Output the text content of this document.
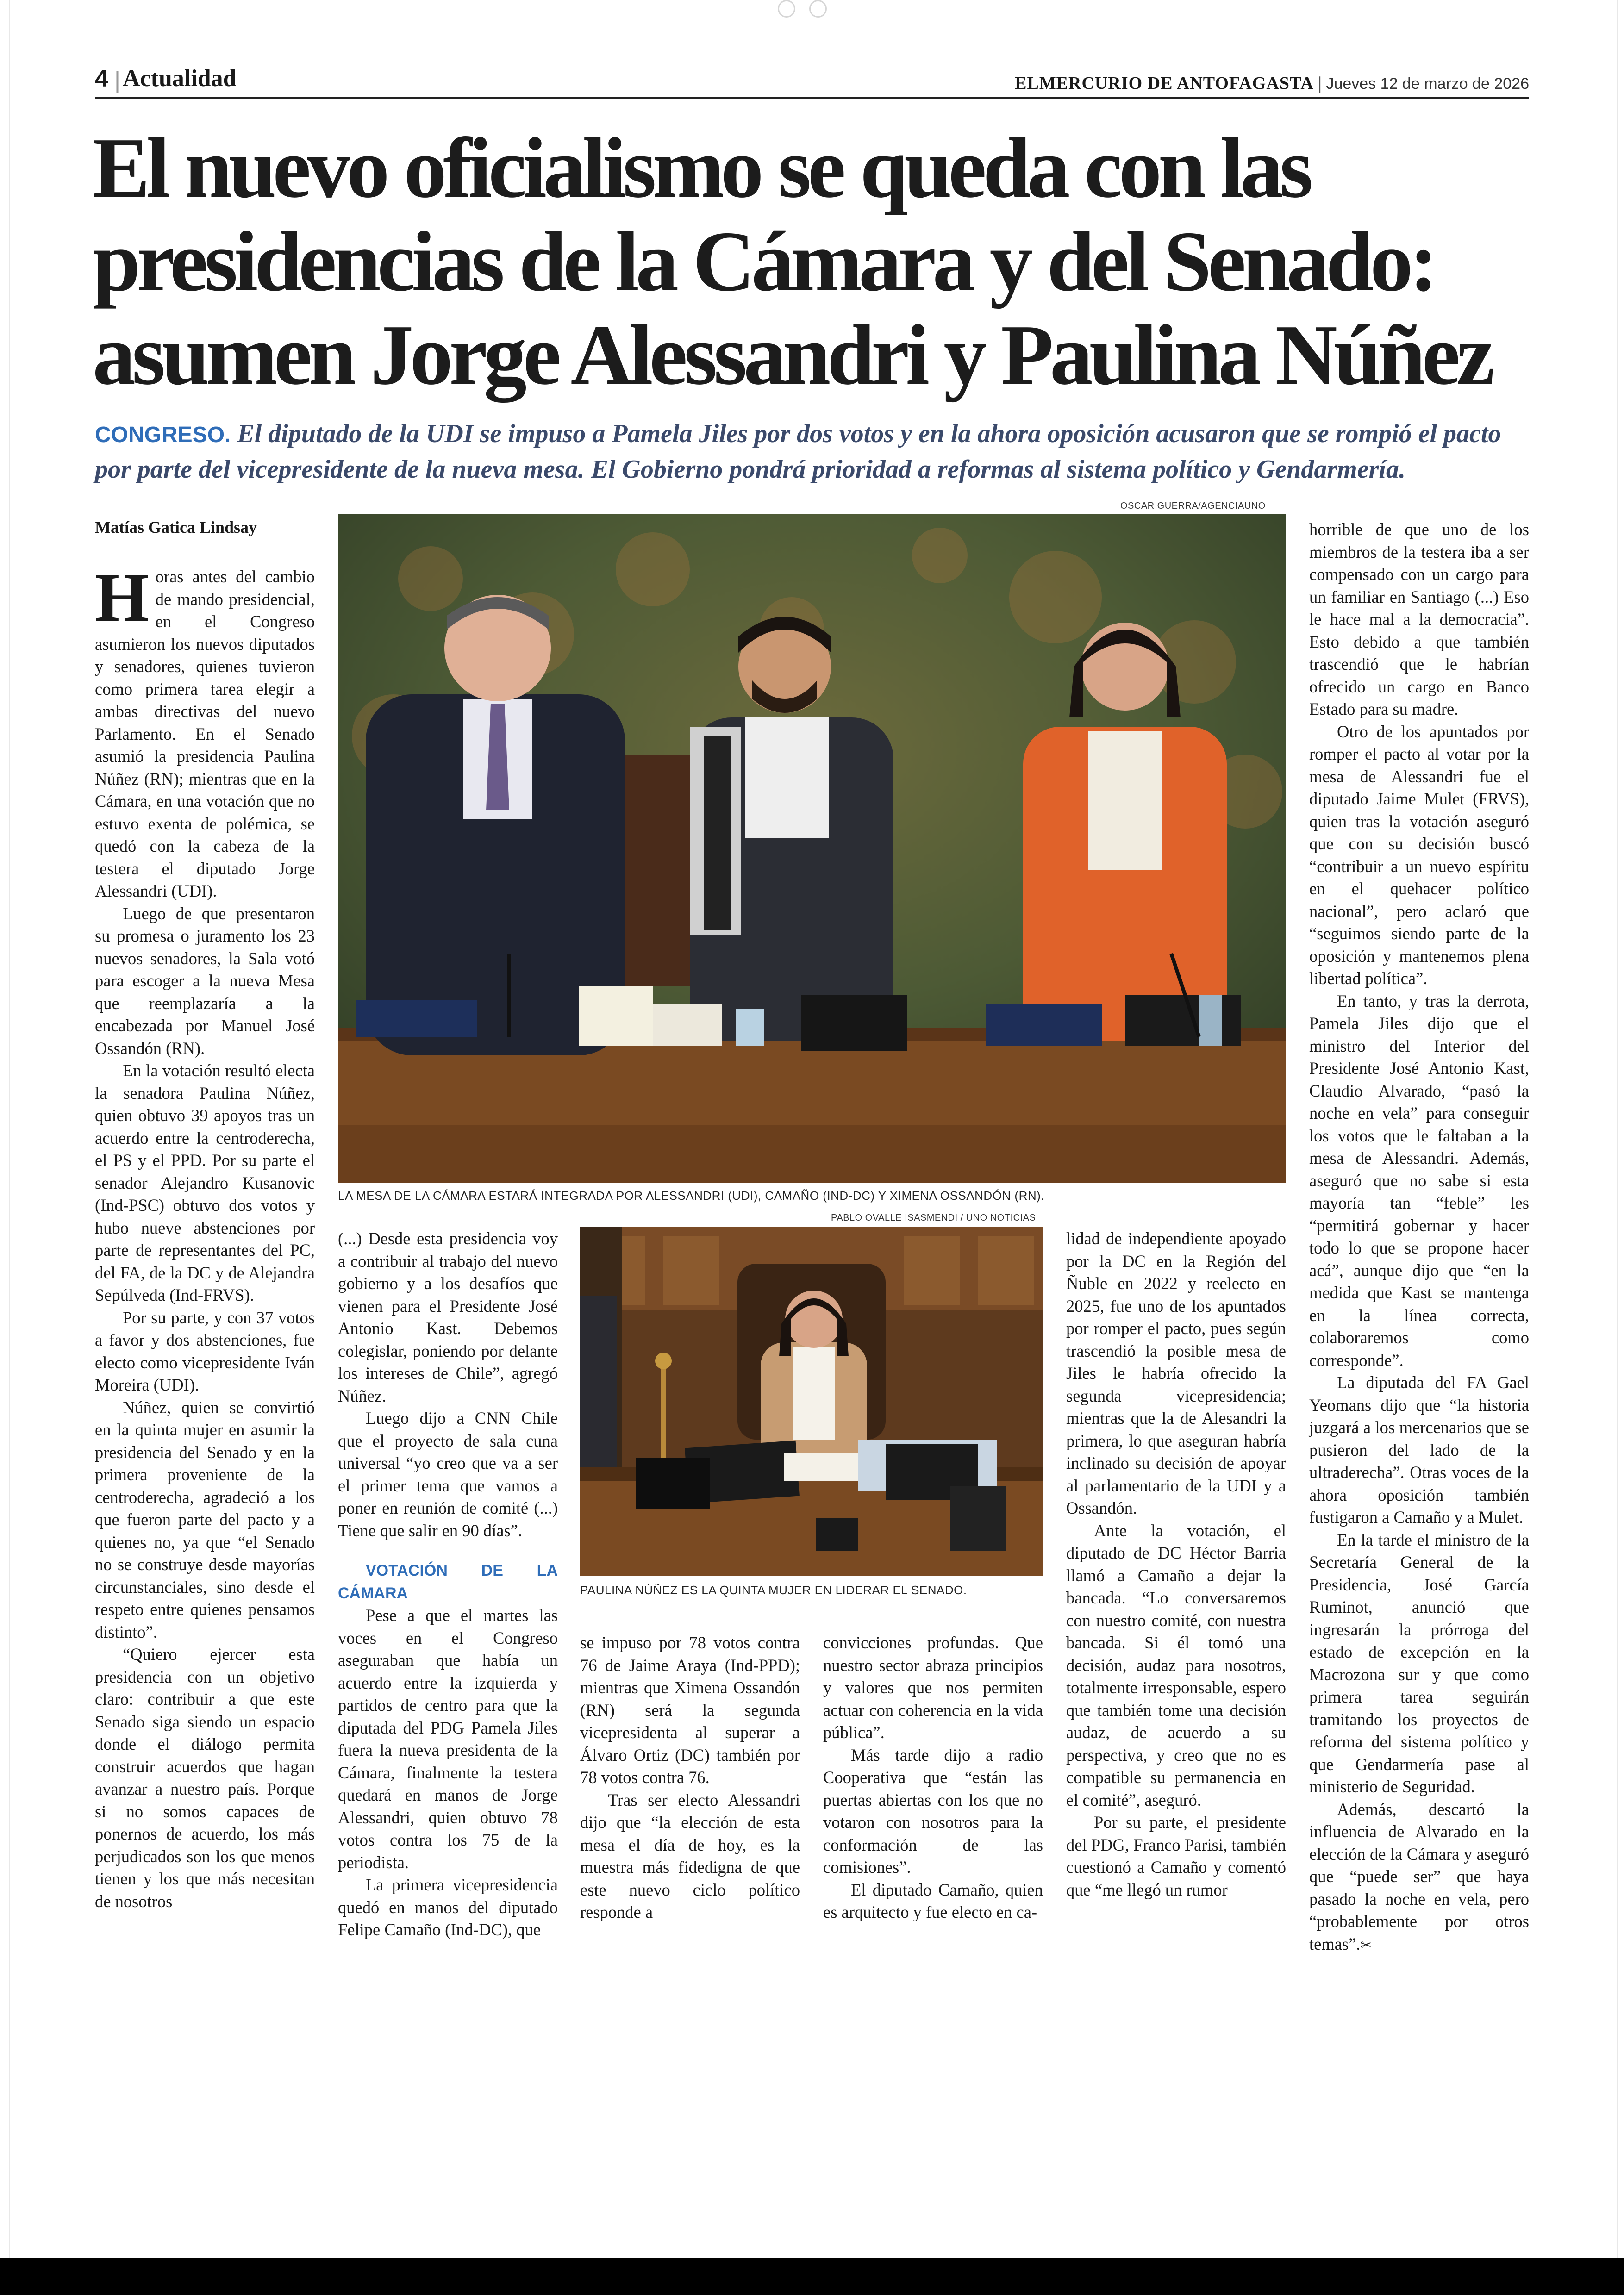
4 | Actualidad	ELMERCURIO DE ANTOFAGASTA | Jueves 12 de marzo de 2026
El nuevo oficialismo se queda con las presidencias de la Cámara y del Senado: asumen Jorge Alessandri y Paulina Núñez

CONGRESO. El diputado de la UDI se impuso a Pamela Jiles por dos votos y en la ahora oposición acusaron que se rompió el pacto por parte del vicepresidente de la nueva mesa. El Gobierno pondrá prioridad a reformas al sistema político y Gendarmería.

Matías Gatica Lindsay

Horas antes del cambio de mando presidencial, en el Congreso asumieron los nuevos diputados y senadores, quienes tuvieron como primera tarea elegir a ambas directivas del nuevo Parlamento. En el Senado asumió la presidencia Paulina Núñez (RN); mientras que en la Cámara, en una votación que no estuvo exenta de polémica, se quedó con la cabeza de la testera el diputado Jorge Alessandri (UDI).

Luego de que presentaron su promesa o juramento los 23 nuevos senadores, la Sala votó para escoger a la nueva Mesa que reemplazaría a la encabezada por Manuel José Ossandón (RN).

En la votación resultó electa la senadora Paulina Núñez, quien obtuvo 39 apoyos tras un acuerdo entre la centroderecha, el PS y el PPD. Por su parte el senador Alejandro Kusanovic (Ind-PSC) obtuvo dos votos y hubo nueve abstenciones por parte de representantes del PC, del FA, de la DC y de Alejandra Sepúlveda (Ind-FRVS).

Por su parte, y con 37 votos a favor y dos abstenciones, fue electo como vicepresidente Iván Moreira (UDI).

Núñez, quien se convirtió en la quinta mujer en asumir la presidencia del Senado y en la primera proveniente de la centroderecha, agradeció a los que fueron parte del pacto y a quienes no, ya que “el Senado no se construye desde mayorías circunstanciales, sino desde el respeto entre quienes pensamos distinto”.

“Quiero ejercer esta presidencia con un objetivo claro: contribuir a que este Senado siga siendo un espacio donde el diálogo permita construir acuerdos que hagan avanzar a nuestro país. Porque si no somos capaces de ponernos de acuerdo, los más perjudicados son los que menos tienen y los que más necesitan de nosotros

OSCAR GUERRA/AGENCIAUNO
LA MESA DE LA CÁMARA ESTARÁ INTEGRADA POR ALESSANDRI (UDI), CAMAÑO (IND-DC) Y XIMENA OSSANDÓN (RN).
PABLO OVALLE ISASMENDI / UNO NOTICIAS
PAULINA NÚÑEZ ES LA QUINTA MUJER EN LIDERAR EL SENADO.

(...) Desde esta presidencia voy a contribuir al trabajo del nuevo gobierno y a los desafíos que vienen para el Presidente José Antonio Kast. Debemos colegislar, poniendo por delante los intereses de Chile”, agregó Núñez.

Luego dijo a CNN Chile que el proyecto de sala cuna universal “yo creo que va a ser el primer tema que vamos a poner en reunión de comité (...) Tiene que salir en 90 días”.

VOTACIÓN DE LA CÁMARA

Pese a que el martes las voces en el Congreso aseguraban que había un acuerdo entre la izquierda y partidos de centro para que la diputada del PDG Pamela Jiles fuera la nueva presidenta de la Cámara, finalmente la testera quedará en manos de Jorge Alessandri, quien obtuvo 78 votos contra los 75 de la periodista.

La primera vicepresidencia quedó en manos del diputado Felipe Camaño (Ind-DC), que

se impuso por 78 votos contra 76 de Jaime Araya (Ind-PPD); mientras que Ximena Ossandón (RN) será la segunda vicepresidenta al superar a Álvaro Ortiz (DC) también por 78 votos contra 76.

Tras ser electo Alessandri dijo que “la elección de esta mesa el día de hoy, es la muestra más fidedigna de que este nuevo ciclo político responde a

convicciones profundas. Que nuestro sector abraza principios y valores que nos permiten actuar con coherencia en la vida pública”.

Más tarde dijo a radio Cooperativa que “están las puertas abiertas con los que no votaron con nosotros para la conformación de las comisiones”.

El diputado Camaño, quien es arquitecto y fue electo en ca-

lidad de independiente apoyado por la DC en la Región del Ñuble en 2022 y reelecto en 2025, fue uno de los apuntados por romper el pacto, pues según trascendió la posible mesa de Jiles le habría ofrecido la segunda vicepresidencia; mientras que la de Alesandri la primera, lo que aseguran habría inclinado su decisión de apoyar al parlamentario de la UDI y a Ossandón.

Ante la votación, el diputado de DC Héctor Barria llamó a Camaño a dejar la bancada. “Lo conversaremos con nuestro comité, con nuestra bancada. Si él tomó una decisión, audaz para nosotros, totalmente irresponsable, espero que también tome una decisión audaz, de acuerdo a su perspectiva, y creo que no es compatible su permanencia en el comité”, aseguró.

Por su parte, el presidente del PDG, Franco Parisi, también cuestionó a Camaño y comentó que “me llegó un rumor

horrible de que uno de los miembros de la testera iba a ser compensado con un cargo para un familiar en Santiago (...) Eso le hace mal a la democracia”. Esto debido a que también trascendió que le habrían ofrecido un cargo en Banco Estado para su madre.

Otro de los apuntados por romper el pacto al votar por la mesa de Alessandri fue el diputado Jaime Mulet (FRVS), quien tras la votación aseguró que con su decisión buscó “contribuir a un nuevo espíritu en el quehacer político nacional”, pero aclaró que “seguimos siendo parte de la oposición y mantenemos plena libertad política”.

En tanto, y tras la derrota, Pamela Jiles dijo que el ministro del Interior del Presidente José Antonio Kast, Claudio Alvarado, “pasó la noche en vela” para conseguir los votos que le faltaban a la mesa de Alessandri. Además, aseguró que no sabe si esta mayoría tan “feble” les “permitirá gobernar y hacer todo lo que se propone hacer acá”, aunque dijo que “en la medida que Kast se mantenga en la línea correcta, colaboraremos como corresponde”.

La diputada del FA Gael Yeomans dijo que “la historia juzgará a los mercenarios que se pusieron del lado de la ultraderecha”. Otras voces de la ahora oposición también fustigaron a Camaño y a Mulet.

En la tarde el ministro de la Secretaría General de la Presidencia, José García Ruminot, anunció que ingresarán la prórroga del estado de excepción en la Macrozona sur y que como primera tarea seguirán tramitando los proyectos de reforma del sistema político y que Gendarmería pase al ministerio de Seguridad.

Además, descartó la influencia de Alvarado en la elección de la Cámara y aseguró que “puede ser” que haya pasado la noche en vela, pero “probablemente por otros temas”.✂
